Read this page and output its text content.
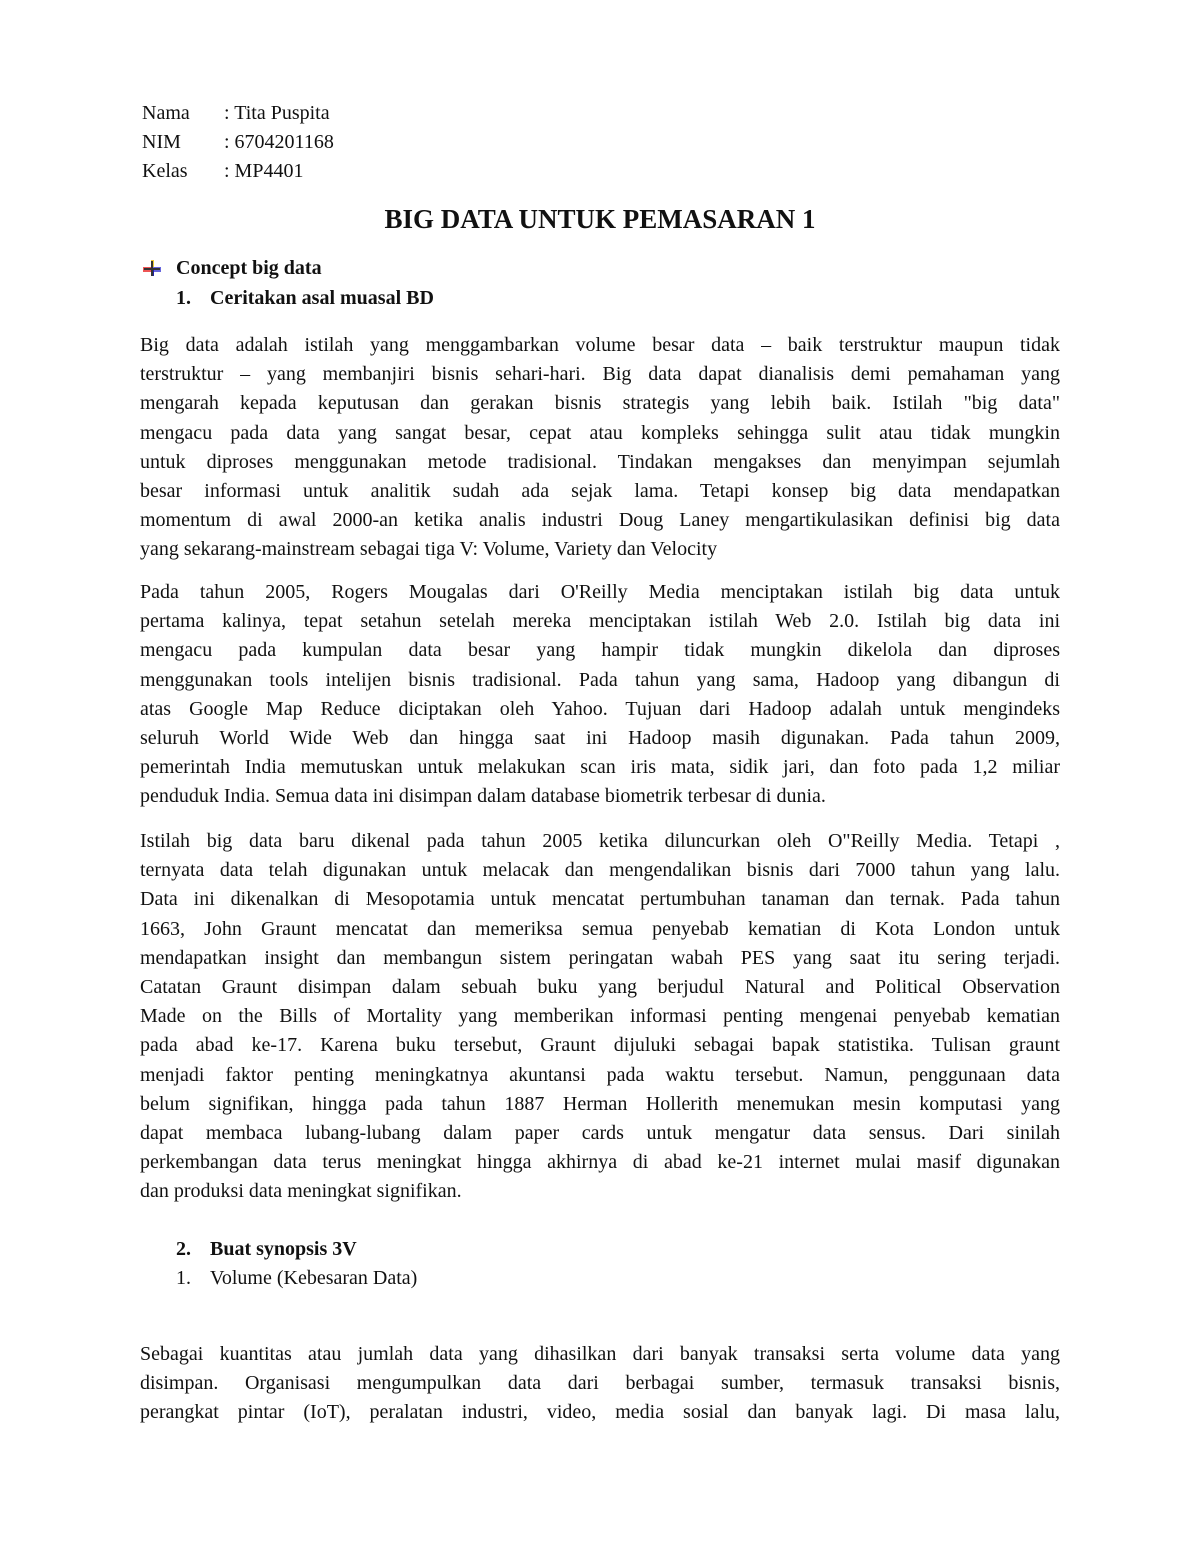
Nama : Tita Puspita
NIM : 6704201168
Kelas : MP4401
BIG DATA UNTUK PEMASARAN 1
Concept big data
1. Ceritakan asal muasal BD
Big data adalah istilah yang menggambarkan volume besar data – baik terstruktur maupun tidak
terstruktur – yang membanjiri bisnis sehari-hari. Big data dapat dianalisis demi pemahaman yang
mengarah kepada keputusan dan gerakan bisnis strategis yang lebih baik. Istilah "big data"
mengacu pada data yang sangat besar, cepat atau kompleks sehingga sulit atau tidak mungkin
untuk diproses menggunakan metode tradisional. Tindakan mengakses dan menyimpan sejumlah
besar informasi untuk analitik sudah ada sejak lama. Tetapi konsep big data mendapatkan
momentum di awal 2000-an ketika analis industri Doug Laney mengartikulasikan definisi big data
yang sekarang-mainstream sebagai tiga V: Volume, Variety dan Velocity
Pada tahun 2005, Rogers Mougalas dari O'Reilly Media menciptakan istilah big data untuk
pertama kalinya, tepat setahun setelah mereka menciptakan istilah Web 2.0. Istilah big data ini
mengacu pada kumpulan data besar yang hampir tidak mungkin dikelola dan diproses
menggunakan tools intelijen bisnis tradisional. Pada tahun yang sama, Hadoop yang dibangun di
atas Google Map Reduce diciptakan oleh Yahoo. Tujuan dari Hadoop adalah untuk mengindeks
seluruh World Wide Web dan hingga saat ini Hadoop masih digunakan. Pada tahun 2009,
pemerintah India memutuskan untuk melakukan scan iris mata, sidik jari, dan foto pada 1,2 miliar
penduduk India. Semua data ini disimpan dalam database biometrik terbesar di dunia.
Istilah big data baru dikenal pada tahun 2005 ketika diluncurkan oleh O"Reilly Media. Tetapi ,
ternyata data telah digunakan untuk melacak dan mengendalikan bisnis dari 7000 tahun yang lalu.
Data ini dikenalkan di Mesopotamia untuk mencatat pertumbuhan tanaman dan ternak. Pada tahun
1663, John Graunt mencatat dan memeriksa semua penyebab kematian di Kota London untuk
mendapatkan insight dan membangun sistem peringatan wabah PES yang saat itu sering terjadi.
Catatan Graunt disimpan dalam sebuah buku yang berjudul Natural and Political Observation
Made on the Bills of Mortality yang memberikan informasi penting mengenai penyebab kematian
pada abad ke-17. Karena buku tersebut, Graunt dijuluki sebagai bapak statistika. Tulisan graunt
menjadi faktor penting meningkatnya akuntansi pada waktu tersebut. Namun, penggunaan data
belum signifikan, hingga pada tahun 1887 Herman Hollerith menemukan mesin komputasi yang
dapat membaca lubang-lubang dalam paper cards untuk mengatur data sensus. Dari sinilah
perkembangan data terus meningkat hingga akhirnya di abad ke-21 internet mulai masif digunakan
dan produksi data meningkat signifikan.
2. Buat synopsis 3V
1. Volume (Kebesaran Data)
Sebagai kuantitas atau jumlah data yang dihasilkan dari banyak transaksi serta volume data yang
disimpan. Organisasi mengumpulkan data dari berbagai sumber, termasuk transaksi bisnis,
perangkat pintar (IoT), peralatan industri, video, media sosial dan banyak lagi. Di masa lalu,
